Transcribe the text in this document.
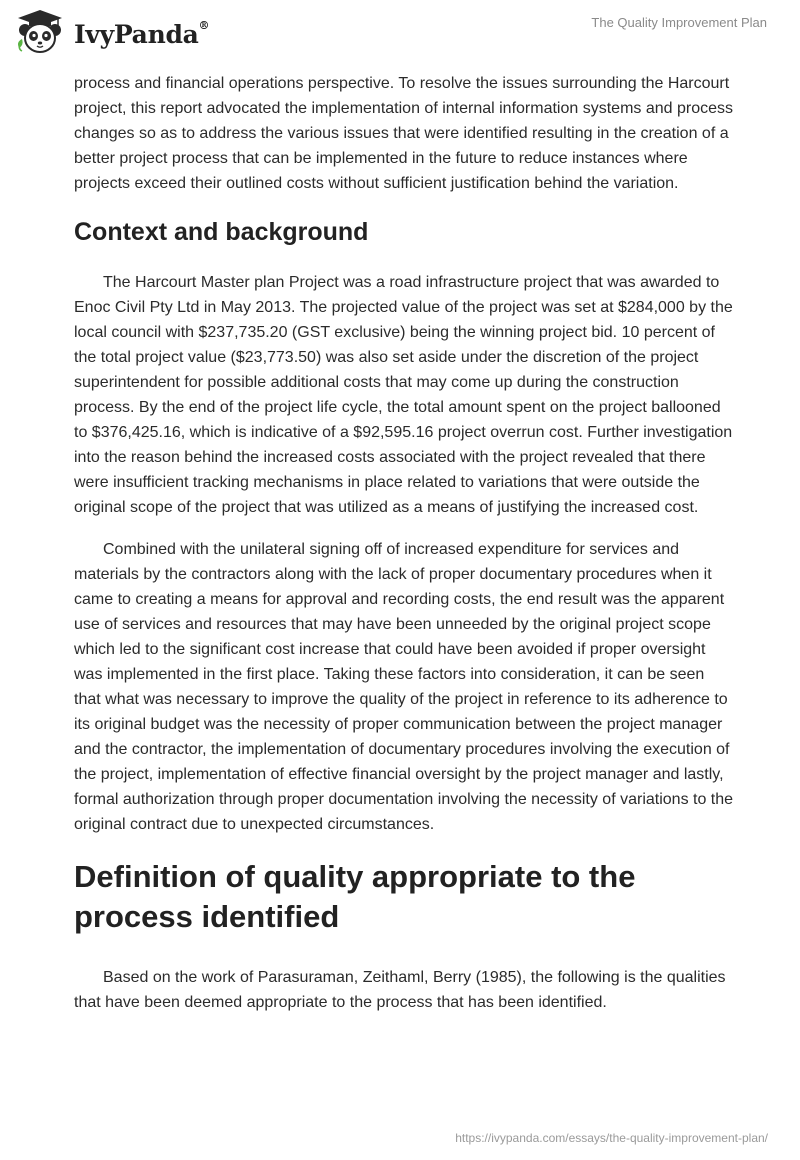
IvyPanda®	The Quality Improvement Plan

process and financial operations perspective. To resolve the issues surrounding the Harcourt project, this report advocated the implementation of internal information systems and process changes so as to address the various issues that were identified resulting in the creation of a better project process that can be implemented in the future to reduce instances where projects exceed their outlined costs without sufficient justification behind the variation.

Context and background

The Harcourt Master plan Project was a road infrastructure project that was awarded to Enoc Civil Pty Ltd in May 2013. The projected value of the project was set at $284,000 by the local council with $237,735.20 (GST exclusive) being the winning project bid. 10 percent of the total project value ($23,773.50) was also set aside under the discretion of the project superintendent for possible additional costs that may come up during the construction process. By the end of the project life cycle, the total amount spent on the project ballooned to $376,425.16, which is indicative of a $92,595.16 project overrun cost. Further investigation into the reason behind the increased costs associated with the project revealed that there were insufficient tracking mechanisms in place related to variations that were outside the original scope of the project that was utilized as a means of justifying the increased cost.

Combined with the unilateral signing off of increased expenditure for services and materials by the contractors along with the lack of proper documentary procedures when it came to creating a means for approval and recording costs, the end result was the apparent use of services and resources that may have been unneeded by the original project scope which led to the significant cost increase that could have been avoided if proper oversight was implemented in the first place. Taking these factors into consideration, it can be seen that what was necessary to improve the quality of the project in reference to its adherence to its original budget was the necessity of proper communication between the project manager and the contractor, the implementation of documentary procedures involving the execution of the project, implementation of effective financial oversight by the project manager and lastly, formal authorization through proper documentation involving the necessity of variations to the original contract due to unexpected circumstances.

Definition of quality appropriate to the process identified

Based on the work of Parasuraman, Zeithaml, Berry (1985), the following is the qualities that have been deemed appropriate to the process that has been identified.

https://ivypanda.com/essays/the-quality-improvement-plan/
